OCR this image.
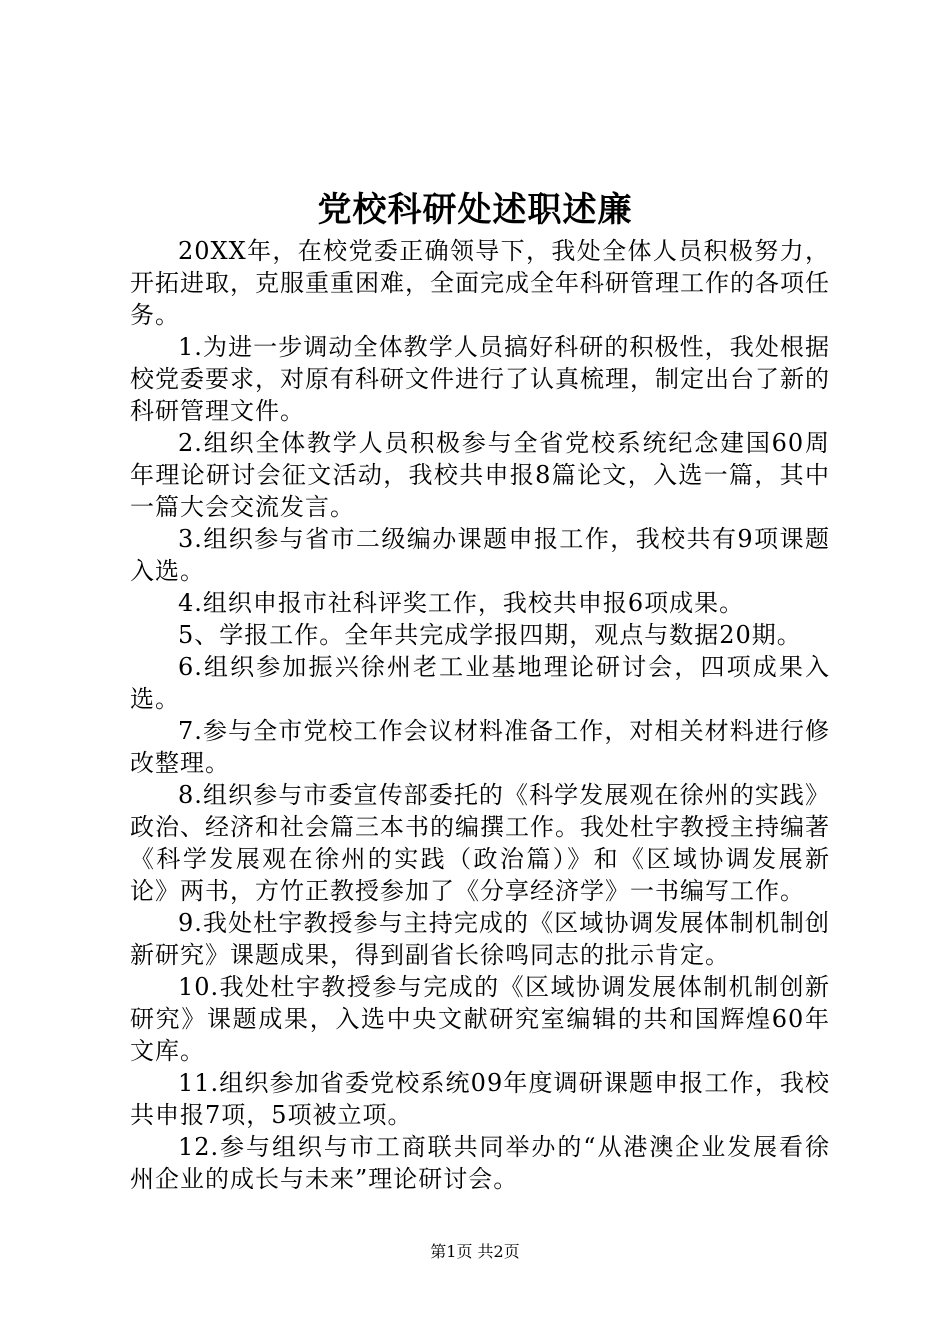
党校科研处述职述廉

20XX年，在校党委正确领导下，我处全体人员积极努力，开拓进取，克服重重困难，全面完成全年科研管理工作的各项任务。

1.为进一步调动全体教学人员搞好科研的积极性，我处根据校党委要求，对原有科研文件进行了认真梳理，制定出台了新的科研管理文件。

2.组织全体教学人员积极参与全省党校系统纪念建国60周年理论研讨会征文活动，我校共申报8篇论文，入选一篇，其中一篇大会交流发言。

3.组织参与省市二级编办课题申报工作，我校共有9项课题入选。

4.组织申报市社科评奖工作，我校共申报6项成果。

5、学报工作。全年共完成学报四期，观点与数据20期。

6.组织参加振兴徐州老工业基地理论研讨会，四项成果入选。

7.参与全市党校工作会议材料准备工作，对相关材料进行修改整理。

8.组织参与市委宣传部委托的《科学发展观在徐州的实践》政治、经济和社会篇三本书的编撰工作。我处杜宇教授主持编著《科学发展观在徐州的实践（政治篇）》和《区域协调发展新论》两书，方竹正教授参加了《分享经济学》一书编写工作。

9.我处杜宇教授参与主持完成的《区域协调发展体制机制创新研究》课题成果，得到副省长徐鸣同志的批示肯定。

10.我处杜宇教授参与完成的《区域协调发展体制机制创新研究》课题成果，入选中央文献研究室编辑的共和国辉煌60年文库。

11.组织参加省委党校系统09年度调研课题申报工作，我校共申报7项，5项被立项。

12.参与组织与市工商联共同举办的“从港澳企业发展看徐州企业的成长与未来”理论研讨会。

第1页 共2页
